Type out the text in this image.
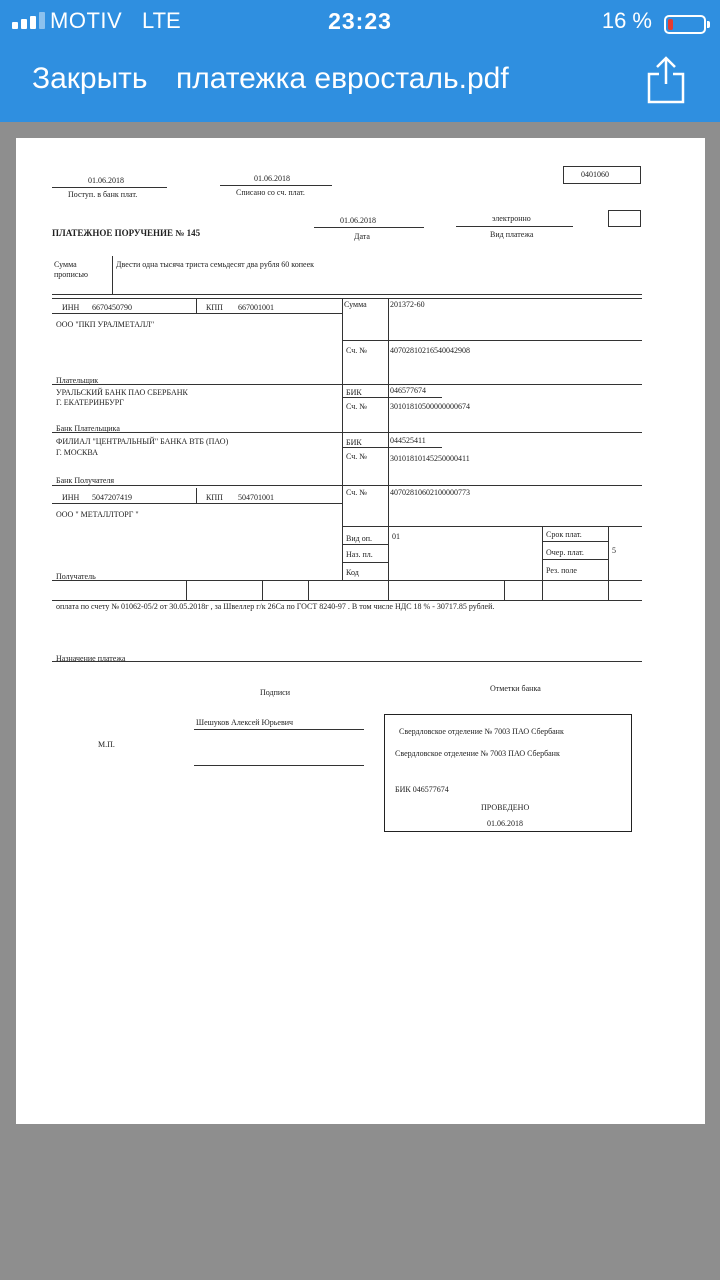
MOTIV LTE	23:23	16 %
Закрыть платежка евросталь.pdf
01.06.2018
Поступ. в банк плат.
01.06.2018
Списано со сч. плат.
0401060
ПЛАТЕЖНОЕ ПОРУЧЕНИЕ № 145
01.06.2018
Дата
электронно
Вид платежа
Сумма
прописью
Двести одна тысяча триста семьдесят два рубля 60 копеек
ИНН 6670450790	КПП 667001001	Сумма	201372-60
ООО "ПКП УРАЛМЕТАЛЛ"
Сч. №	40702810216540042908
Плательщик
УРАЛЬСКИЙ БАНК ПАО СБЕРБАНК
Г. ЕКАТЕРИНБУРГ
БИК	046577674
Сч. №	30101810500000000674
Банк Плательщика
ФИЛИАЛ "ЦЕНТРАЛЬНЫЙ" БАНКА ВТБ (ПАО)
Г. МОСКВА
БИК	044525411
Сч. №	30101810145250000411
Банк Получателя
ИНН 5047207419	КПП 504701001
Сч. №	40702810602100000773
ООО " МЕТАЛЛТОРГ "
Вид оп.	01	Срок плат.
Наз. пл.	Очер. плат.	5
Код	Рез. поле
Получатель
оплата по счету № 01062-05/2 от 30.05.2018г , за Швеллер г/к 26Са по ГОСТ 8240-97 . В том числе НДС 18 % - 30717.85 рублей.
Назначение платежа
Подписи	Отметки банка
Шешуков Алексей Юрьевич
М.П.
Свердловское отделение № 7003 ПАО Сбербанк
Свердловское отделение № 7003 ПАО Сбербанк
БИК 046577674
ПРОВЕДЕНО
01.06.2018
